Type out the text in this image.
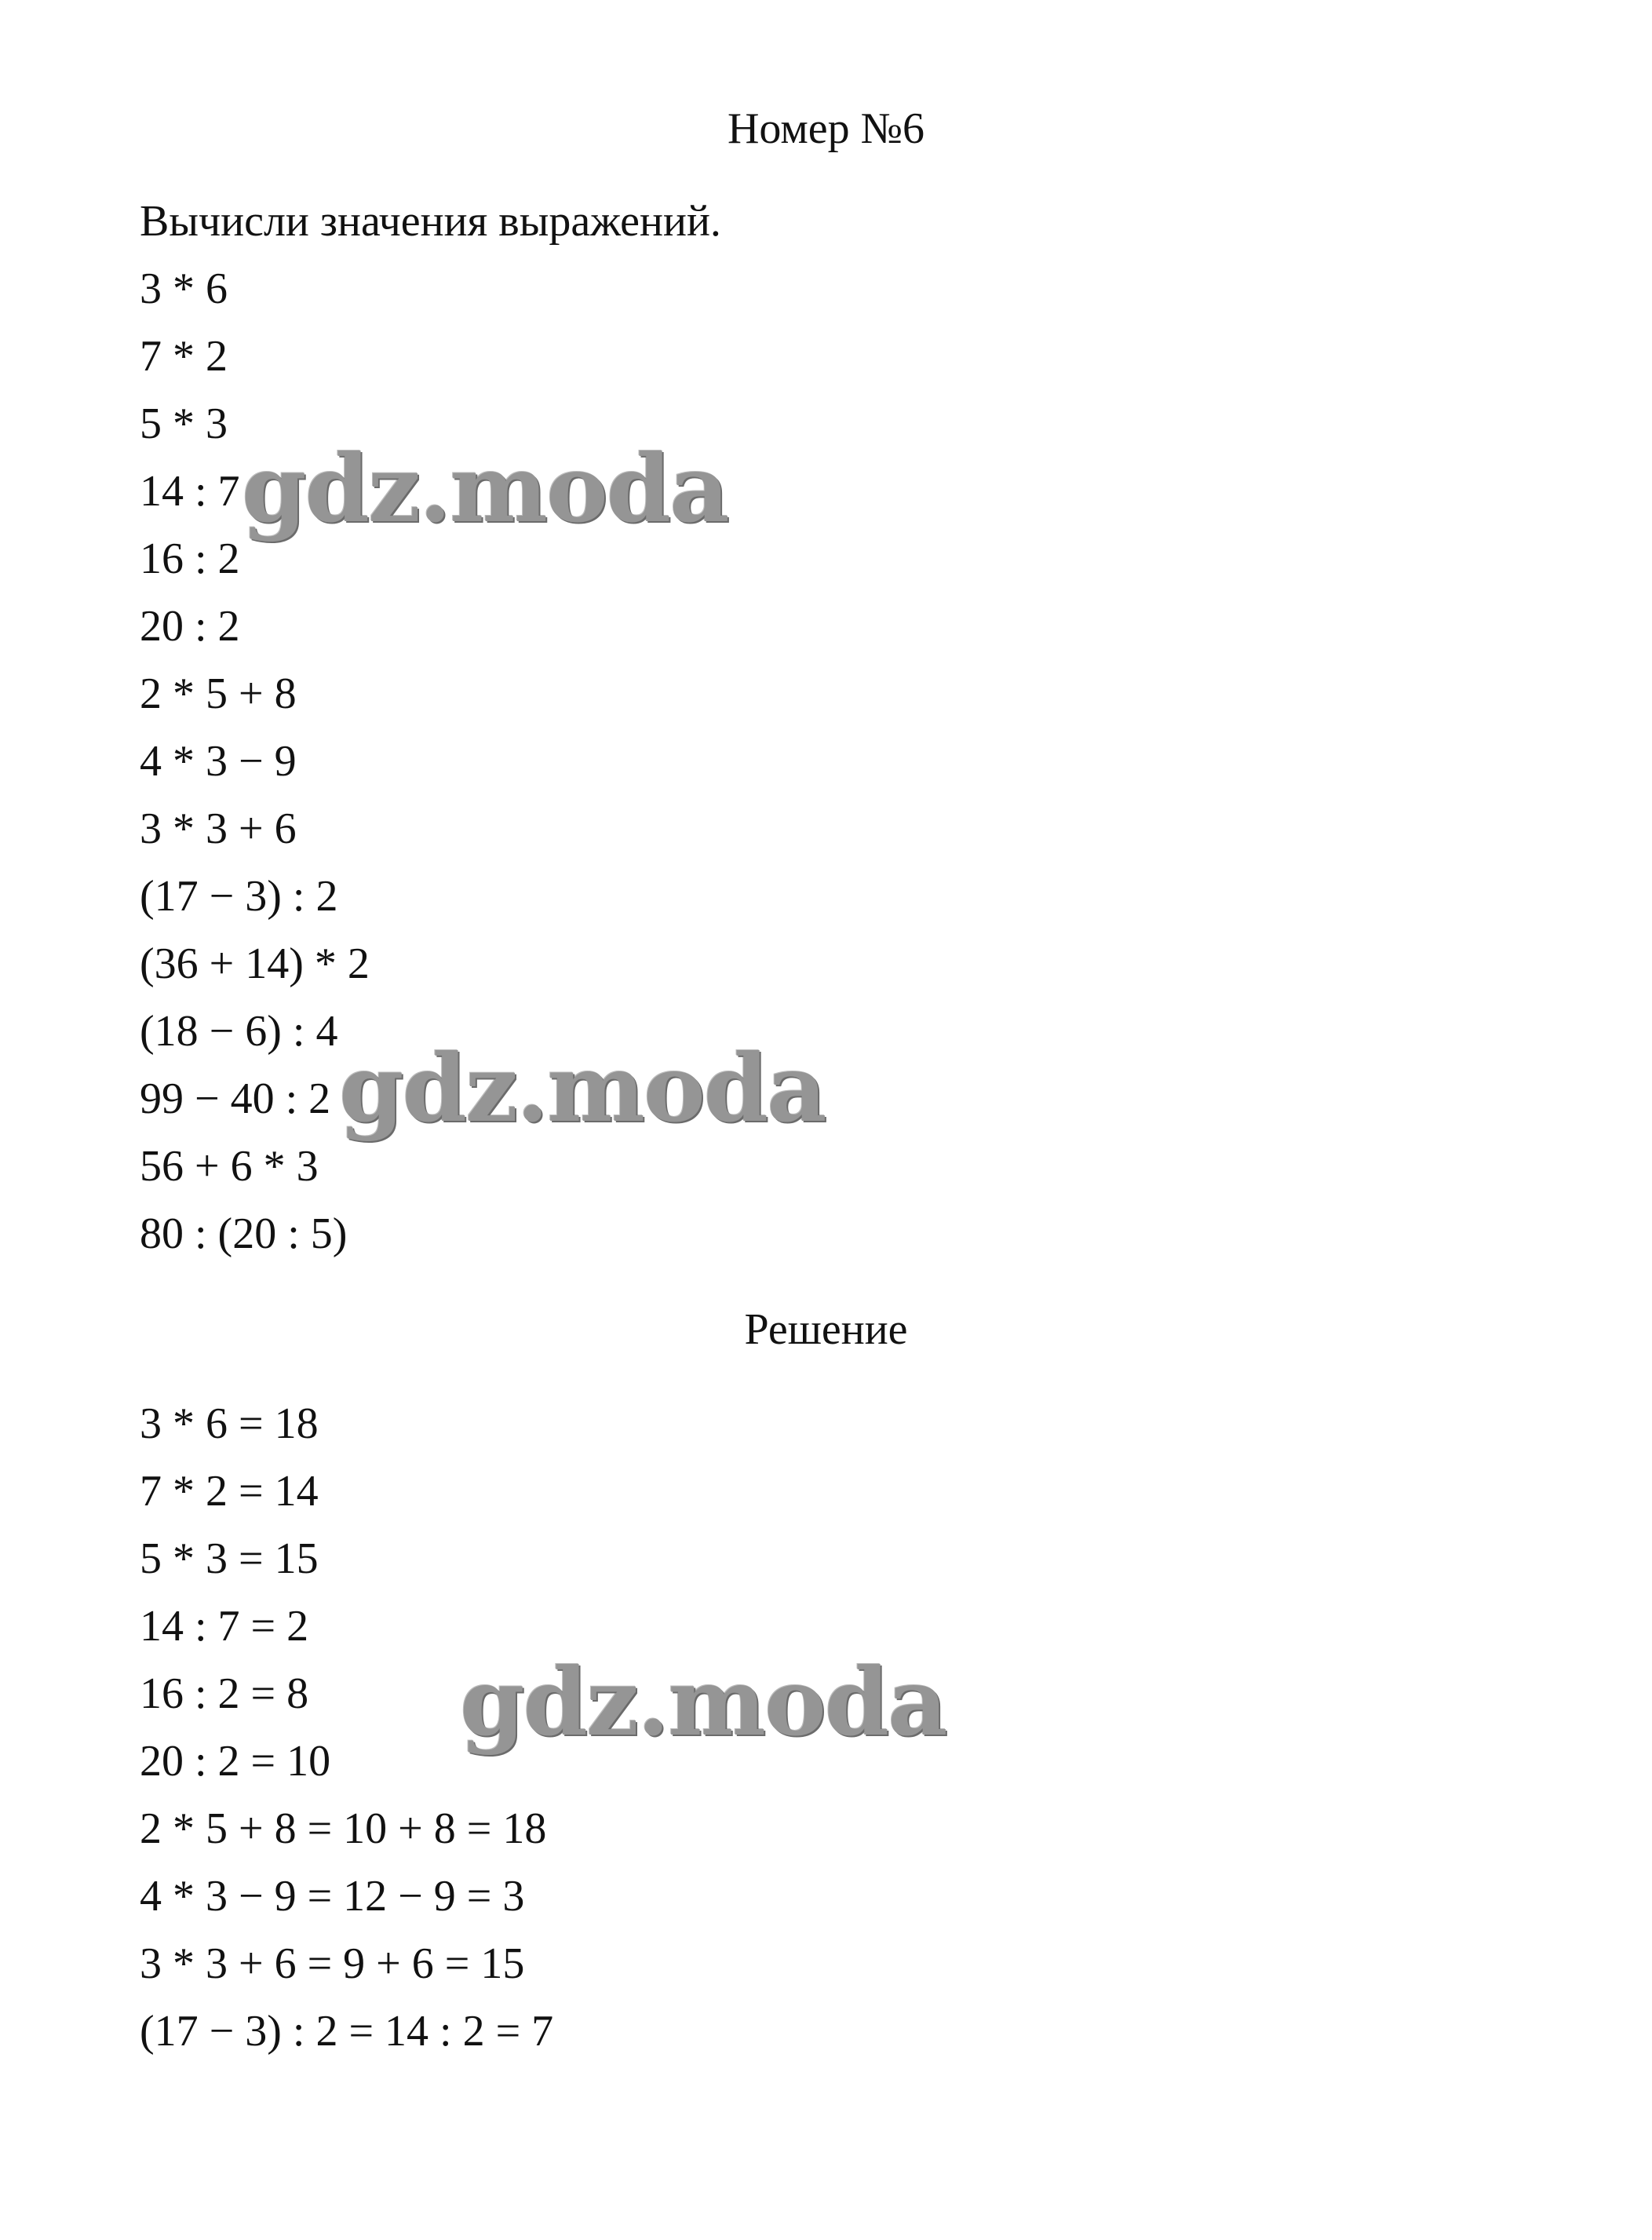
Номер №6
Вычисли значения выражений.
3 * 6
7 * 2
5 * 3
14 : 7
16 : 2
20 : 2
2 * 5 + 8
4 * 3 − 9
3 * 3 + 6
(17 − 3) : 2
(36 + 14) * 2
(18 − 6) : 4
99 − 40 : 2
56 + 6 * 3
80 : (20 : 5)
Решение
3 * 6 = 18
7 * 2 = 14
5 * 3 = 15
14 : 7 = 2
16 : 2 = 8
20 : 2 = 10
2 * 5 + 8 = 10 + 8 = 18
4 * 3 − 9 = 12 − 9 = 3
3 * 3 + 6 = 9 + 6 = 15
(17 − 3) : 2 = 14 : 2 = 7
gdz.moda
gdz.moda
gdz.moda
